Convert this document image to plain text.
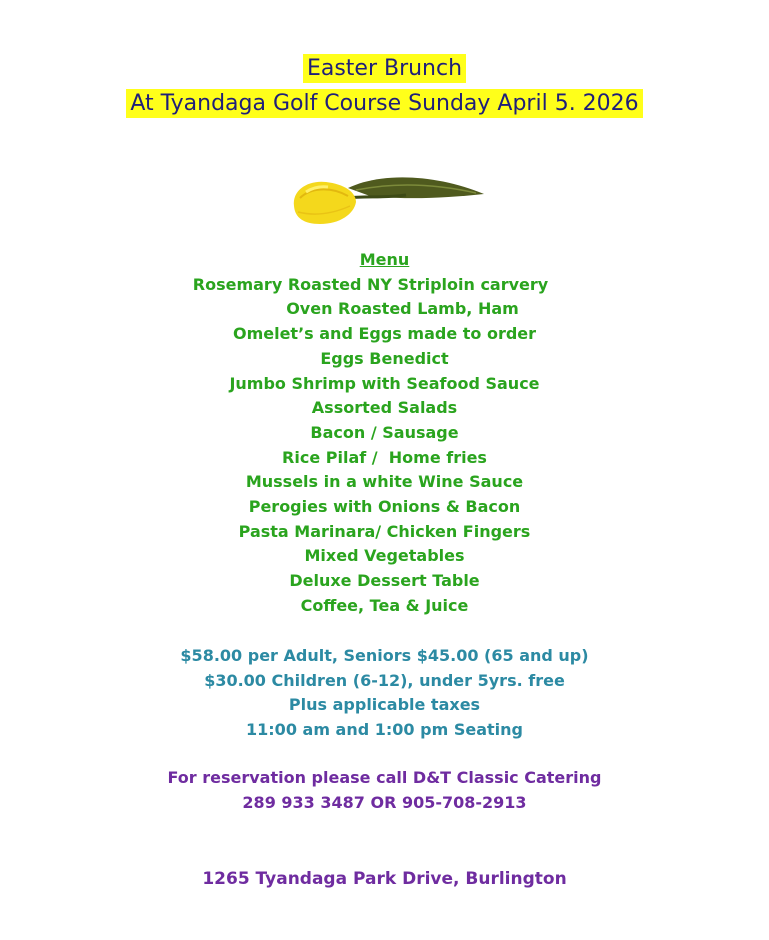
Easter Brunch
At Tyandaga Golf Course Sunday April 5. 2026
Menu
Rosemary Roasted NY Striploin carvery
Oven Roasted Lamb, Ham
Omelet’s and Eggs made to order
Eggs Benedict
Jumbo Shrimp with Seafood Sauce
Assorted Salads
Bacon / Sausage
Rice Pilaf /  Home fries
Mussels in a white Wine Sauce
Perogies with Onions & Bacon
Pasta Marinara/ Chicken Fingers
Mixed Vegetables
Deluxe Dessert Table
Coffee, Tea & Juice
$58.00 per Adult, Seniors $45.00 (65 and up)
$30.00 Children (6-12), under 5yrs. free
Plus applicable taxes
11:00 am and 1:00 pm Seating
For reservation please call D&T Classic Catering
289 933 3487 OR 905-708-2913
1265 Tyandaga Park Drive, Burlington
